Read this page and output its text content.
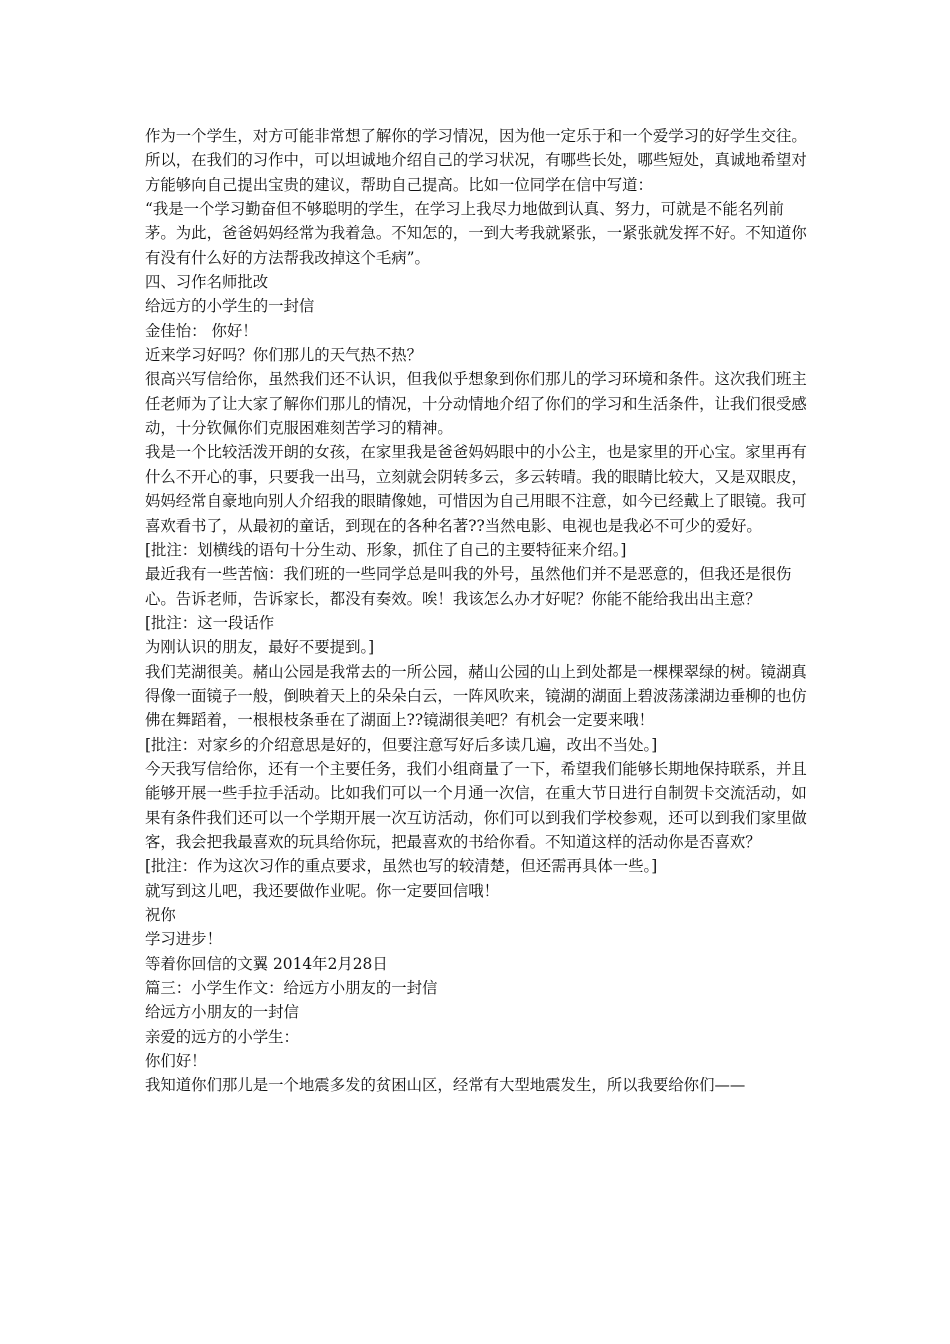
作为一个学生，对方可能非常想了解你的学习情况，因为他一定乐于和一个爱学习的好学生交往。所以，在我们的习作中，可以坦诚地介绍自己的学习状况，有哪些长处，哪些短处，真诚地希望对方能够向自己提出宝贵的建议，帮助自己提高。比如一位同学在信中写道：

“我是一个学习勤奋但不够聪明的学生，在学习上我尽力地做到认真、努力，可就是不能名列前茅。为此，爸爸妈妈经常为我着急。不知怎的，一到大考我就紧张，一紧张就发挥不好。不知道你有没有什么好的方法帮我改掉这个毛病”。

四、习作名师批改

给远方的小学生的一封信

金佳怡： 你好！

近来学习好吗？你们那儿的天气热不热？

很高兴写信给你，虽然我们还不认识，但我似乎想象到你们那儿的学习环境和条件。这次我们班主任老师为了让大家了解你们那儿的情况，十分动情地介绍了你们的学习和生活条件，让我们很受感动，十分钦佩你们克服困难刻苦学习的精神。

我是一个比较活泼开朗的女孩，在家里我是爸爸妈妈眼中的小公主，也是家里的开心宝。家里再有什么不开心的事，只要我一出马，立刻就会阴转多云，多云转晴。我的眼睛比较大，又是双眼皮，妈妈经常自豪地向别人介绍我的眼睛像她，可惜因为自己用眼不注意，如今已经戴上了眼镜。我可喜欢看书了，从最初的童话，到现在的各种名著??当然电影、电视也是我必不可少的爱好。

[批注：划横线的语句十分生动、形象，抓住了自己的主要特征来介绍。]

最近我有一些苦恼：我们班的一些同学总是叫我的外号，虽然他们并不是恶意的，但我还是很伤心。告诉老师，告诉家长，都没有奏效。唉！我该怎么办才好呢？你能不能给我出出主意？

[批注：这一段话作

为刚认识的朋友，最好不要提到。]

我们芜湖很美。赭山公园是我常去的一所公园，赭山公园的山上到处都是一棵棵翠绿的树。镜湖真得像一面镜子一般，倒映着天上的朵朵白云，一阵风吹来，镜湖的湖面上碧波荡漾湖边垂柳的也仿佛在舞蹈着，一根根枝条垂在了湖面上??镜湖很美吧？有机会一定要来哦！

[批注：对家乡的介绍意思是好的，但要注意写好后多读几遍，改出不当处。]

今天我写信给你，还有一个主要任务，我们小组商量了一下，希望我们能够长期地保持联系，并且能够开展一些手拉手活动。比如我们可以一个月通一次信，在重大节日进行自制贺卡交流活动，如果有条件我们还可以一个学期开展一次互访活动，你们可以到我们学校参观，还可以到我们家里做客，我会把我最喜欢的玩具给你玩，把最喜欢的书给你看。不知道这样的活动你是否喜欢？

[批注：作为这次习作的重点要求，虽然也写的较清楚，但还需再具体一些。]

就写到这儿吧，我还要做作业呢。你一定要回信哦！

祝你

学习进步！

等着你回信的文翼 2014年2月28日

篇三：小学生作文：给远方小朋友的一封信

给远方小朋友的一封信

亲爱的远方的小学生：

你们好！

我知道你们那儿是一个地震多发的贫困山区，经常有大型地震发生，所以我要给你们——
